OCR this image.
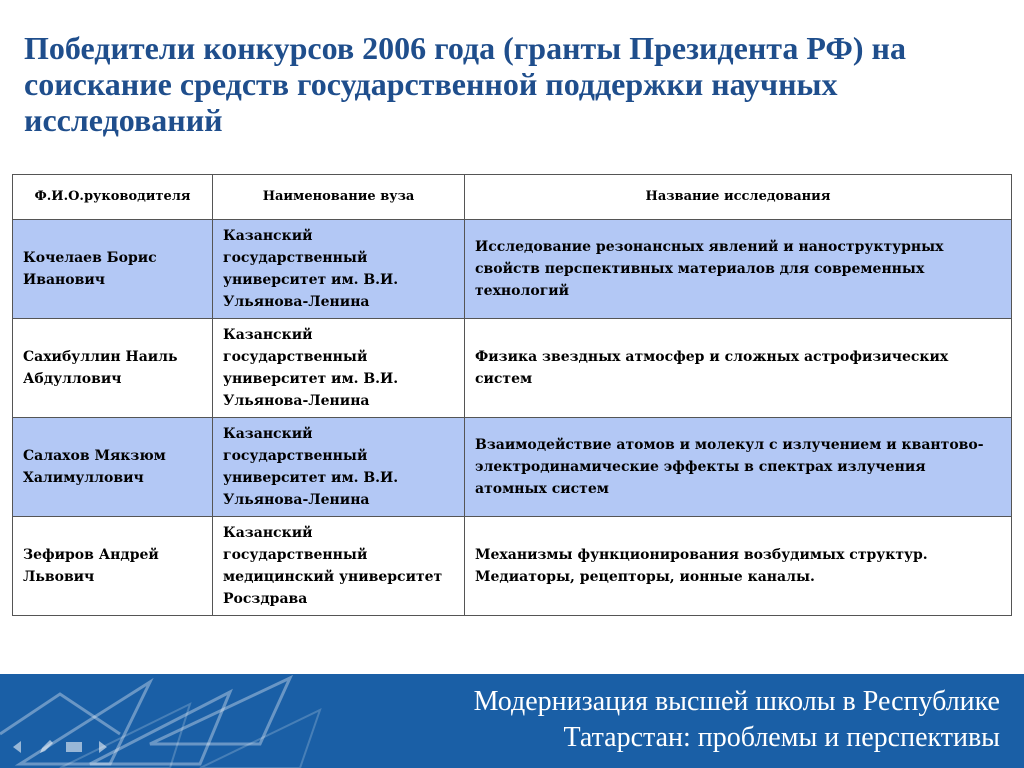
Победители конкурсов 2006 года (гранты Президента РФ) на соискание средств государственной поддержки научных исследований
Ф.И.О.руководителя	Наименование вуза	Название исследования
Кочелаев Борис Иванович	Казанский государственный университет им. В.И. Ульянова-Ленина	Исследование резонансных явлений и наноструктурных свойств перспективных материалов для современных технологий
Сахибуллин Наиль Абдуллович	Казанский государственный университет им. В.И. Ульянова-Ленина	Физика звездных атмосфер и сложных астрофизических систем
Салахов Мякзюм Халимуллович	Казанский государственный университет им. В.И. Ульянова-Ленина	Взаимодействие атомов и молекул с излучением и квантово-электродинамические эффекты в спектрах излучения атомных систем
Зефиров Андрей Львович	Казанский государственный медицинский университет Росздрава	Механизмы функционирования возбудимых структур. Медиаторы, рецепторы, ионные каналы.
Модернизация высшей школы в Республике
Татарстан: проблемы и перспективы
